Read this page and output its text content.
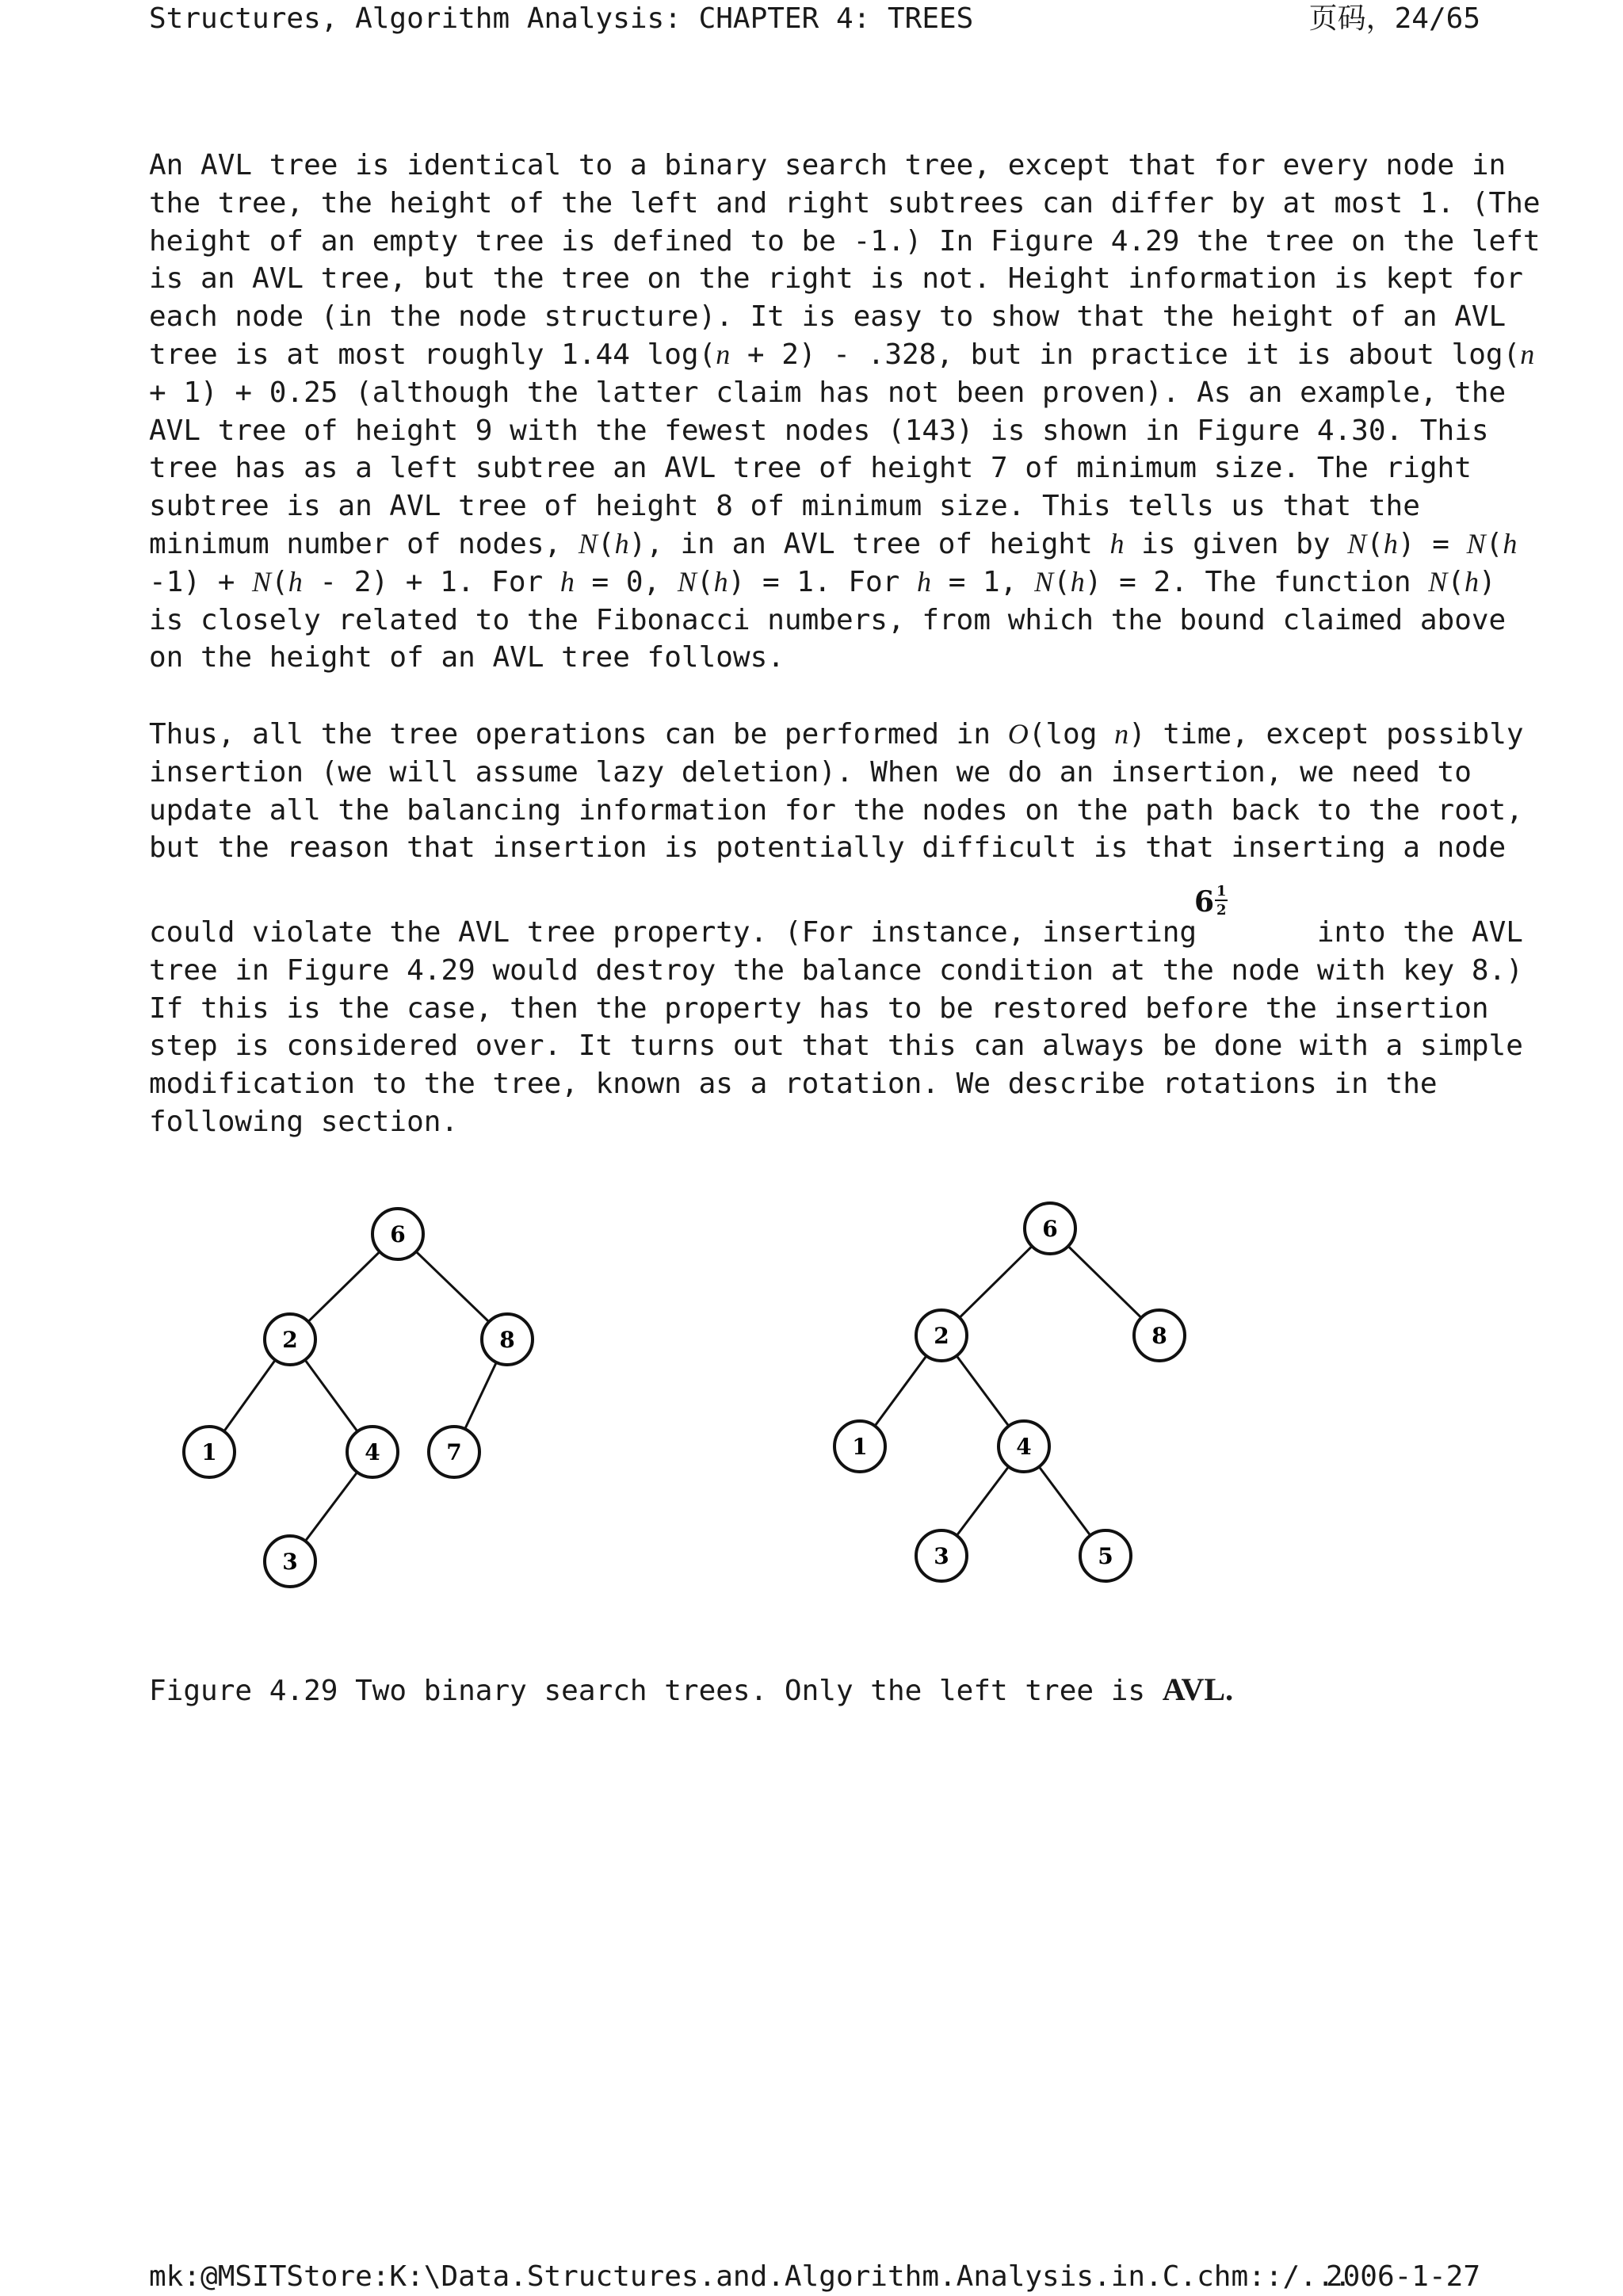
Structures, Algorithm Analysis: CHAPTER 4: TREES	页码，24/65
An AVL tree is identical to a binary search tree, except that for every node in
the tree, the height of the left and right subtrees can differ by at most 1. (The
height of an empty tree is defined to be -1.) In Figure 4.29 the tree on the left
is an AVL tree, but the tree on the right is not. Height information is kept for
each node (in the node structure). It is easy to show that the height of an AVL
tree is at most roughly 1.44 log(n + 2) - .328, but in practice it is about log(n
+ 1) + 0.25 (although the latter claim has not been proven). As an example, the
AVL tree of height 9 with the fewest nodes (143) is shown in Figure 4.30. This
tree has as a left subtree an AVL tree of height 7 of minimum size. The right
subtree is an AVL tree of height 8 of minimum size. This tells us that the
minimum number of nodes, N(h), in an AVL tree of height h is given by N(h) = N(h
-1) + N(h - 2) + 1. For h = 0, N(h) = 1. For h = 1, N(h) = 2. The function N(h)
is closely related to the Fibonacci numbers, from which the bound claimed above
on the height of an AVL tree follows.
Thus, all the tree operations can be performed in O(log n) time, except possibly
insertion (we will assume lazy deletion). When we do an insertion, we need to
update all the balancing information for the nodes on the path back to the root,
but the reason that insertion is potentially difficult is that inserting a node
6 1
2
could violate the AVL tree property. (For instance, inserting	into the AVL
tree in Figure 4.29 would destroy the balance condition at the node with key 8.)
If this is the case, then the property has to be restored before the insertion
step is considered over. It turns out that this can always be done with a simple
modification to the tree, known as a rotation. We describe rotations in the
following section.
6
2	8
1	4	7
3
6
2	8
1	4
3	5
Figure 4.29 Two binary search trees. Only the left tree is AVL.
mk:@MSITStore:K:\Data.Structures.and.Algorithm.Analysis.in.C.chm::/...
2006-1-27
